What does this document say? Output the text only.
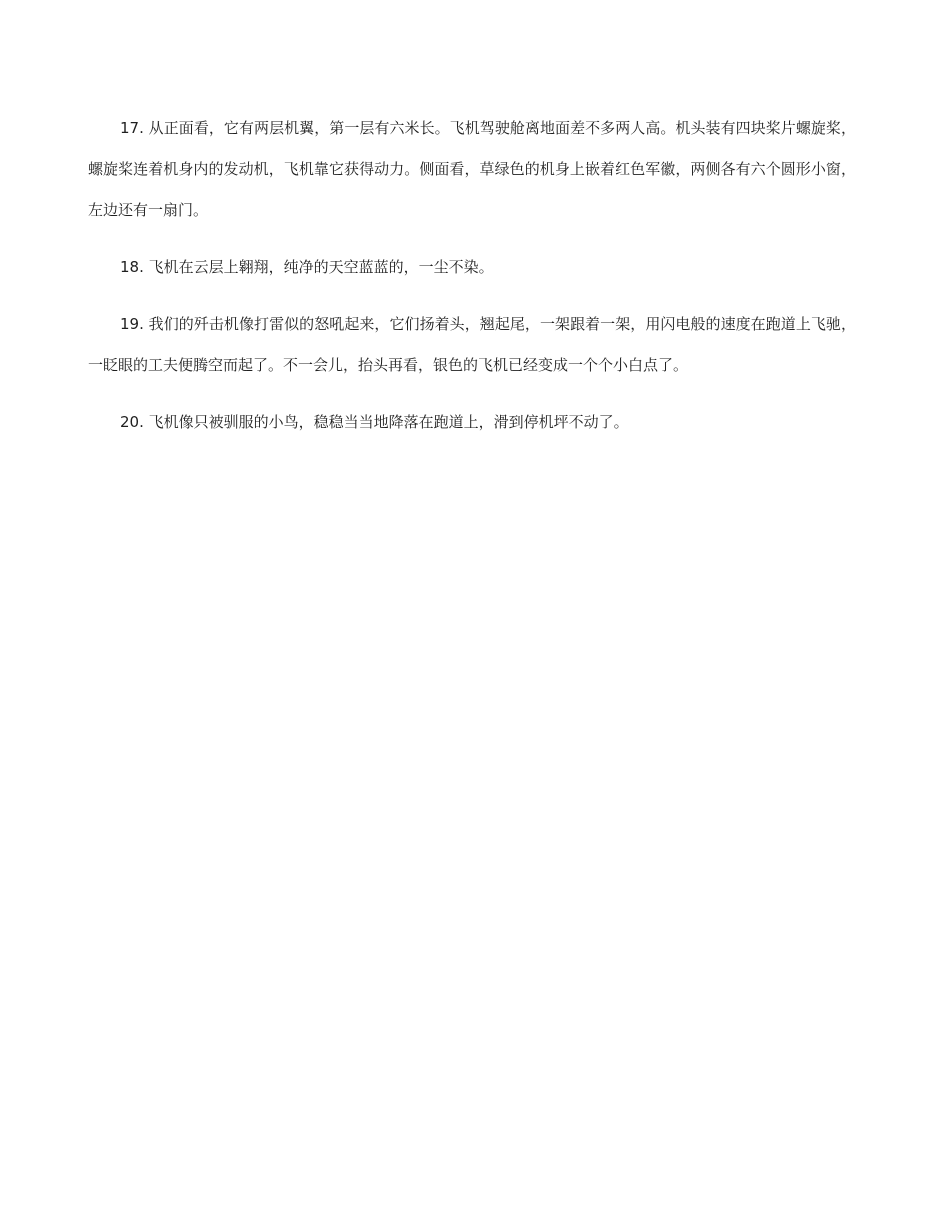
17. 从正面看，它有两层机翼，第一层有六米长。飞机驾驶舱离地面差不多两人高。机头装有四块桨片螺旋桨，螺旋桨连着机身内的发动机，飞机靠它获得动力。侧面看，草绿色的机身上嵌着红色军徽，两侧各有六个圆形小窗，左边还有一扇门。

18. 飞机在云层上翱翔，纯净的天空蓝蓝的，一尘不染。

19. 我们的歼击机像打雷似的怒吼起来，它们扬着头，翘起尾，一架跟着一架，用闪电般的速度在跑道上飞驰，一眨眼的工夫便腾空而起了。不一会儿，抬头再看，银色的飞机已经变成一个个小白点了。

20. 飞机像只被驯服的小鸟，稳稳当当地降落在跑道上，滑到停机坪不动了。
